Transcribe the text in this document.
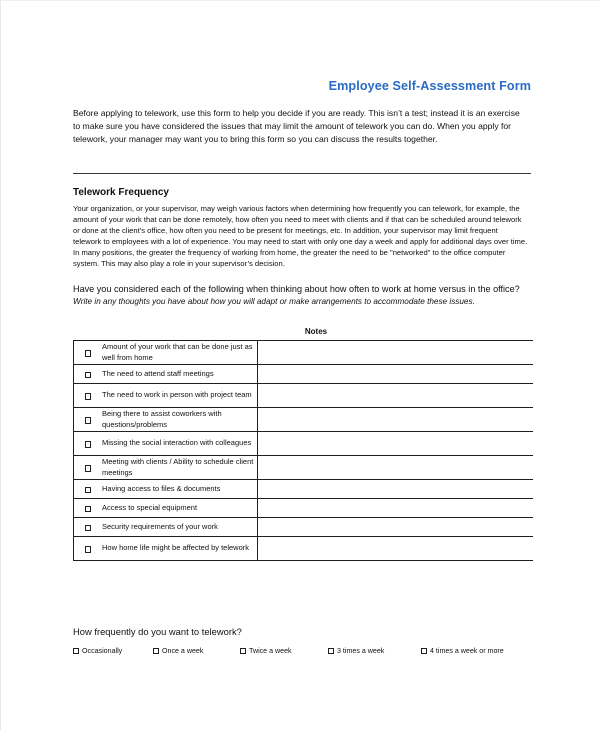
Employee Self-Assessment Form
Before applying to telework, use this form to help you decide if you are ready. This isn’t a test; instead it is an exercise to make sure you have considered the issues that may limit the amount of telework you can do. When you apply for telework, your manager may want you to bring this form so you can discuss the results together.
Telework Frequency
Your organization, or your supervisor, may weigh various factors when determining how frequently you can telework, for example, the amount of your work that can be done remotely, how often you need to meet with clients and if that can be scheduled around telework or done at the client’s office, how often you need to be present for meetings, etc. In addition, your supervisor may limit frequent telework to employees with a lot of experience. You may need to start with only one day a week and apply for additional days over time. In many positions, the greater the frequency of working from home, the greater the need to be "networked" to the office computer system. This may also play a role in your supervisor’s decision.
Have you considered each of the following when thinking about how often to work at home versus in the office? Write in any thoughts you have about how you will adapt or make arrangements to accommodate these issues.
Notes
	Amount of your work that can be done just as well from home	
	The need to attend staff meetings	
	The need to work in person with project team	
	Being there to assist coworkers with questions/problems	
	Missing the social interaction with colleagues	
	Meeting with clients / Ability to schedule client meetings	
	Having access to files & documents	
	Access to special equipment	
	Security requirements of your work	
	How home life might be affected by telework	
How frequently do you want to telework?
Occasionally	Once a week	Twice a week	3 times a week	4 times a week or more
